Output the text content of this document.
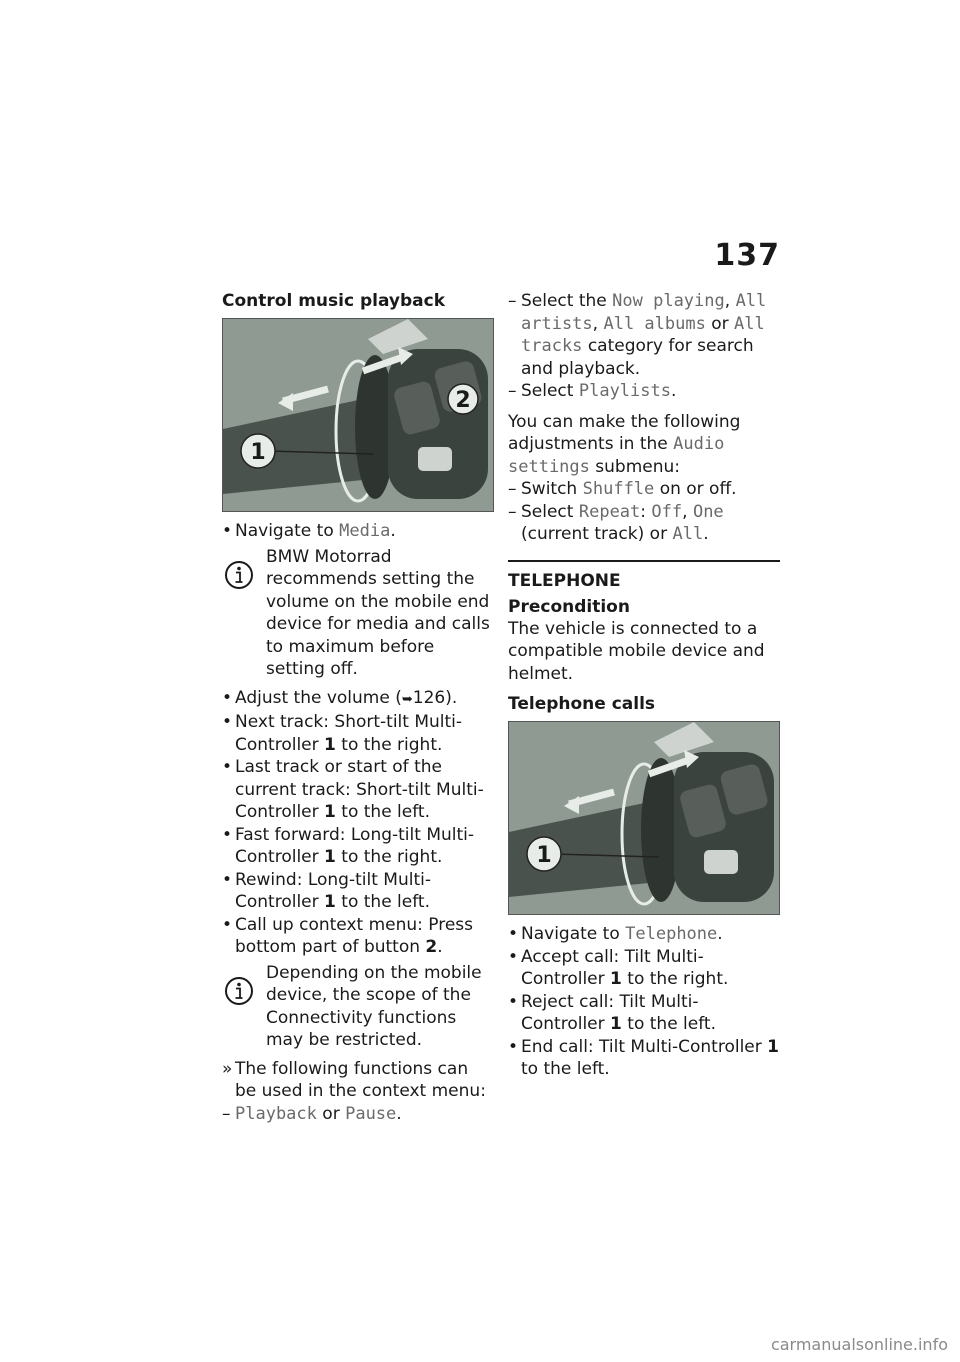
137
Control music playback
1
2
• Navigate to Media.
BMW Motorrad recommends setting the volume on the mobile end device for media and calls to maximum before setting off.
• Adjust the volume (➥126).
• Next track: Short-tilt Multi-Controller 1 to the right.
• Last track or start of the current track: Short-tilt Multi-Controller 1 to the left.
• Fast forward: Long-tilt Multi-Controller 1 to the right.
• Rewind: Long-tilt Multi-Controller 1 to the left.
• Call up context menu: Press bottom part of button 2.
Depending on the mobile device, the scope of the Connectivity functions may be restricted.
» The following functions can be used in the context menu:
– Playback or Pause.
– Select the Now playing, All artists, All albums or All tracks category for search and playback.
– Select Playlists.

You can make the following adjustments in the Audio settings submenu:

– Switch Shuffle on or off.
– Select Repeat: Off, One (current track) or All.
TELEPHONE
Precondition

The vehicle is connected to a compatible mobile device and helmet.

Telephone calls
1
• Navigate to Telephone.
• Accept call: Tilt Multi-Controller 1 to the right.
• Reject call: Tilt Multi-Controller 1 to the left.
• End call: Tilt Multi-Controller 1 to the left.
carmanualsonline.info
